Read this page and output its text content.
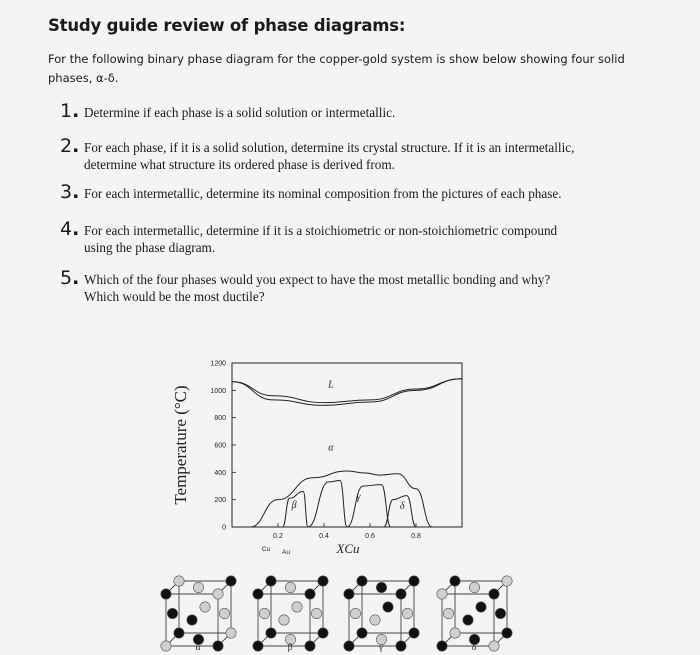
Study guide review of phase diagrams:
For the following binary phase diagram for the copper-gold system is show below showing four solid
phases, α-δ.
1. Determine if each phase is a solid solution or intermetallic.
2. For each phase, if it is a solid solution, determine its crystal structure. If it is an intermetallic,
determine what structure its ordered phase is derived from.
3. For each intermetallic, determine its nominal composition from the pictures of each phase.
4. For each intermetallic, determine if it is a stoichiometric or non-stoichiometric compound
using the phase diagram.
5. Which of the four phases would you expect to have the most metallic bonding and why?
Which would be the most ductile?
0
200
400
600
800
1000
1200
0.2	0.4	0.6	0.8
Temperature (°C)
XCu
Cu Au
L
α
β
γ
δ
α	β	γ	δ
